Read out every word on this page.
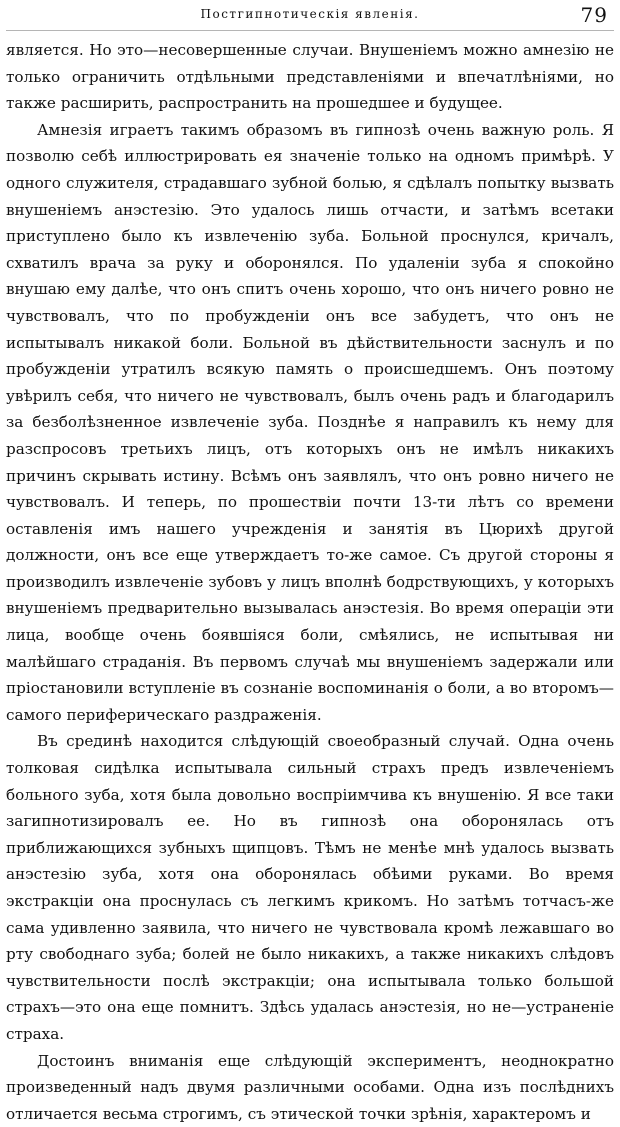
Постгипнотическія явленія.	79

является. Но это—несовершенные случаи. Внушеніемъ можно амнезію не только ограничить отдѣльными представленіями и впечатлѣніями, но также расширить, распространить на прошедшее и будущее.

Амнезія играетъ такимъ образомъ въ гипнозѣ очень важную роль. Я позволю себѣ иллюстрировать ея значеніе только на одномъ примѣрѣ. У одного служителя, страдавшаго зубной болью, я сдѣлалъ попытку вызвать внушеніемъ анэстезію. Это удалось лишь отчасти, и затѣмъ всетаки приступлено было къ извлеченію зуба. Больной проснулся, кричалъ, схватилъ врача за руку и оборонялся. По удаленіи зуба я спокойно внушаю ему далѣе, что онъ спитъ очень хорошо, что онъ ничего ровно не чувствовалъ, что по пробужденіи онъ все забудетъ, что онъ не испытывалъ никакой боли. Больной въ дѣйствительности заснулъ и по пробужденіи утратилъ всякую память о происшедшемъ. Онъ поэтому увѣрилъ себя, что ничего не чувствовалъ, былъ очень радъ и благодарилъ за безболѣзненное извлеченіе зуба. Позднѣе я направилъ къ нему для разспросовъ третьихъ лицъ, отъ которыхъ онъ не имѣлъ никакихъ причинъ скрывать истину. Всѣмъ онъ заявлялъ, что онъ ровно ничего не чувствовалъ. И теперь, по прошествіи почти 13-ти лѣтъ со времени оставленія имъ нашего учрежденія и занятія въ Цюрихѣ другой должности, онъ все еще утверждаетъ то-же самое. Съ другой стороны я производилъ извлеченіе зубовъ у лицъ вполнѣ бодрствующихъ, у которыхъ внушеніемъ предварительно вызывалась анэстезія. Во время операціи эти лица, вообще очень боявшіяся боли, смѣялись, не испытывая ни малѣйшаго страданія. Въ первомъ случаѣ мы внушеніемъ задержали или пріостановили вступленіе въ сознаніе воспоминанія о боли, а во второмъ—самого периферическаго раздраженія.

Въ срединѣ находится слѣдующій своеобразный случай. Одна очень толковая сидѣлка испытывала сильный страхъ предъ извлеченіемъ больного зуба, хотя была довольно воспріимчива къ внушенію. Я все таки загипнотизировалъ ее. Но въ гипнозѣ она оборонялась отъ приближающихся зубныхъ щипцовъ. Тѣмъ не менѣе мнѣ удалось вызвать анэстезію зуба, хотя она оборонялась обѣими руками. Во время экстракціи она проснулась съ легкимъ крикомъ. Но затѣмъ тотчасъ-же сама удивленно заявила, что ничего не чувствовала кромѣ лежавшаго во рту свободнаго зуба; болей не было никакихъ, а также никакихъ слѣдовъ чувствительности послѣ экстракціи; она испытывала только большой страхъ—это она еще помнитъ. Здѣсь удалась анэстезія, но не—устраненіе страха.

Достоинъ вниманія еще слѣдующій экспериментъ, неоднократно произведенный надъ двумя различными особами. Одна изъ послѣднихъ отличается весьма строгимъ, съ этической точки зрѣнія, характеромъ и
